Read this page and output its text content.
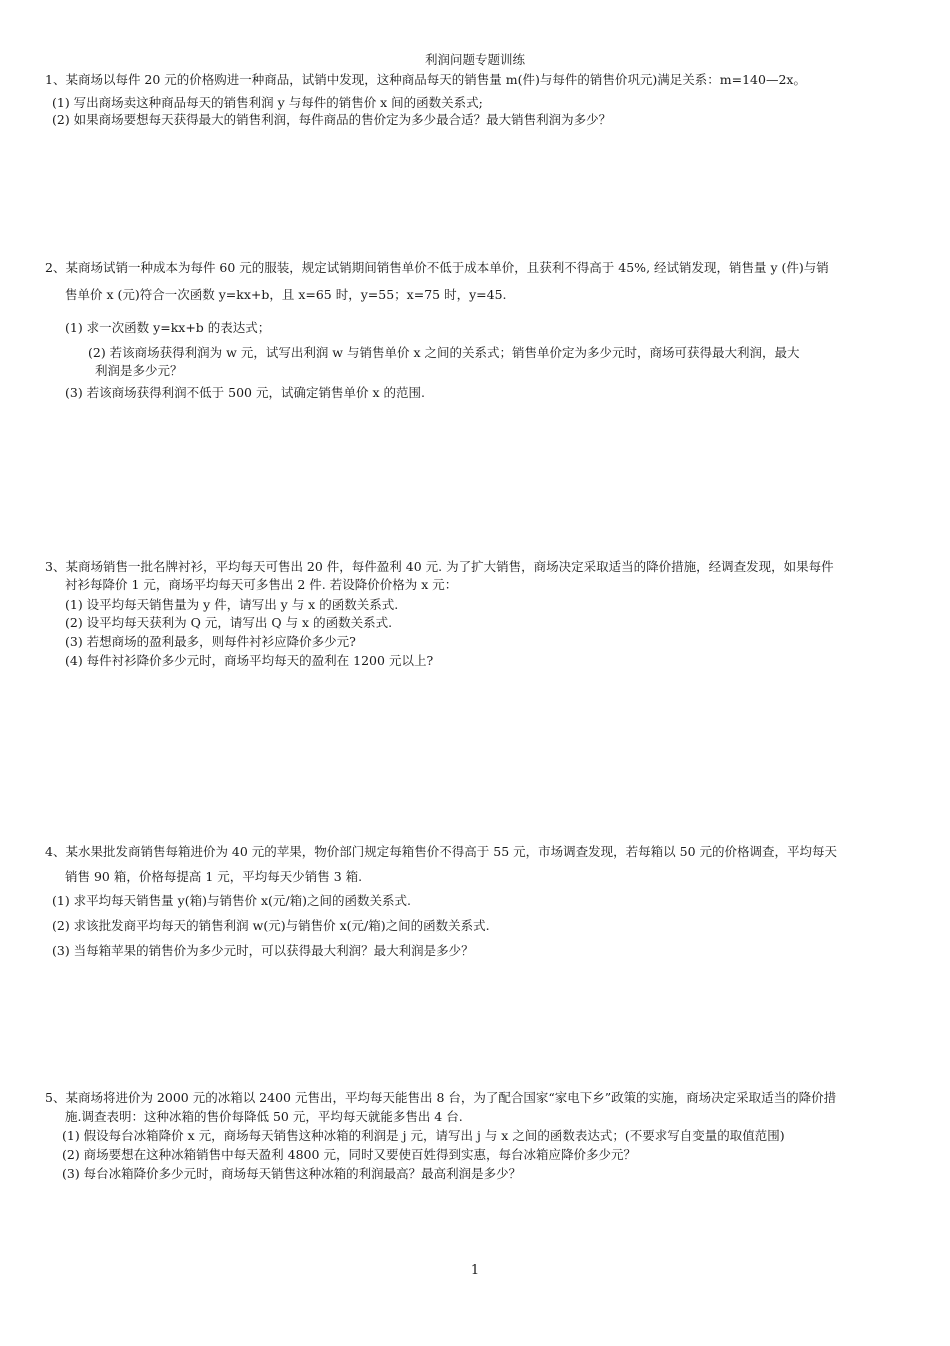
利润问题专题训练
1、某商场以每件 20 元的价格购进一种商品，试销中发现，这种商品每天的销售量 m(件)与每件的销售价巩元)满足关系：m=140—2x。
(1) 写出商场卖这种商品每天的销售利润 y 与每件的销售价 x 间的函数关系式;
(2) 如果商场要想每天获得最大的销售利润，每件商品的售价定为多少最合适？最大销售利润为多少？
2、某商场试销一种成本为每件 60 元的服装，规定试销期间销售单价不低于成本单价，且获利不得高于 45%, 经试销发现，销售量 y (件)与销
售单价 x (元)符合一次函数 y=kx+b，且 x=65 时，y=55；x=75 时，y=45.
(1) 求一次函数 y=kx+b 的表达式；
(2) 若该商场获得利润为 w 元，试写出利润 w 与销售单价 x 之间的关系式；销售单价定为多少元时，商场可获得最大利润，最大
利润是多少元？
(3) 若该商场获得利润不低于 500 元，试确定销售单价 x 的范围.
3、某商场销售一批名牌衬衫，平均每天可售出 20 件，每件盈利 40 元. 为了扩大销售，商场决定采取适当的降价措施，经调查发现，如果每件
衬衫每降价 1 元，商场平均每天可多售出 2 件. 若设降价价格为 x 元：
(1) 设平均每天销售量为 y 件，请写出 y 与 x 的函数关系式.
(2) 设平均每天获利为 Q 元，请写出 Q 与 x 的函数关系式.
(3) 若想商场的盈利最多，则每件衬衫应降价多少元?
(4) 每件衬衫降价多少元时，商场平均每天的盈利在 1200 元以上?
4、某水果批发商销售每箱进价为 40 元的苹果，物价部门规定每箱售价不得高于 55 元，市场调查发现，若每箱以 50 元的价格调查，平均每天
销售 90 箱，价格每提高 1 元，平均每天少销售 3 箱.
(1) 求平均每天销售量 y(箱)与销售价 x(元/箱)之间的函数关系式.
(2) 求该批发商平均每天的销售利润 w(元)与销售价 x(元/箱)之间的函数关系式.
(3) 当每箱苹果的销售价为多少元时，可以获得最大利润？最大利润是多少？
5、某商场将进价为 2000 元的冰箱以 2400 元售出，平均每天能售出 8 台，为了配合国家“家电下乡”政策的实施，商场决定采取适当的降价措
施.调查表明：这种冰箱的售价每降低 50 元，平均每天就能多售出 4 台.
(1) 假设每台冰箱降价 x 元，商场每天销售这种冰箱的利润是 j 元，请写出 j 与 x 之间的函数表达式；(不要求写自变量的取值范围)
(2) 商场要想在这种冰箱销售中每天盈利 4800 元，同时又要使百姓得到实惠，每台冰箱应降价多少元？
(3) 每台冰箱降价多少元时，商场每天销售这种冰箱的利润最高？最高利润是多少？
1
